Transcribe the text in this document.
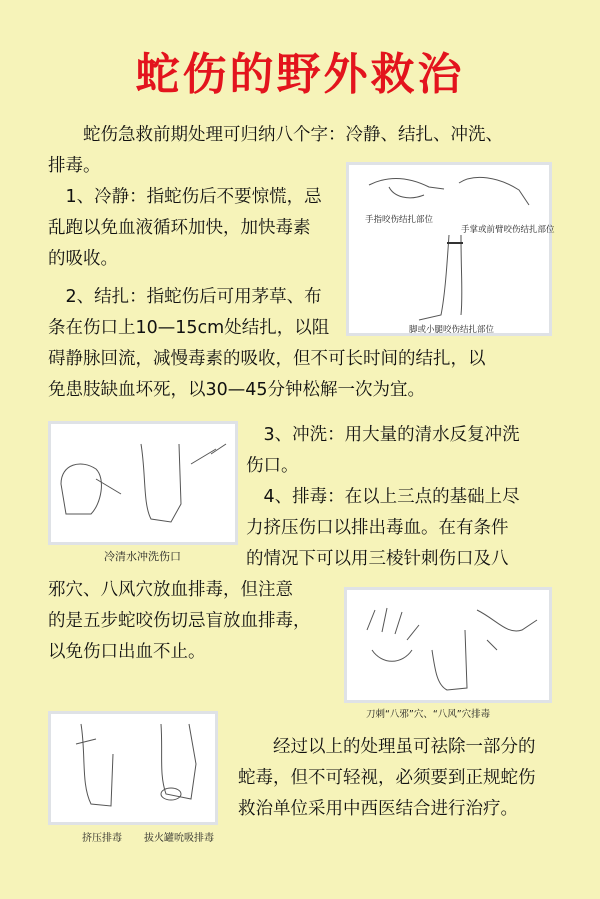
蛇伤的野外救治

　　蛇伤急救前期处理可归纳八个字：冷静、结扎、冲洗、

排毒。

　1、冷静：指蛇伤后不要惊慌，忌

乱跑以免血液循环加快，加快毒素

的吸收。

　2、结扎：指蛇伤后可用茅草、布

条在伤口上10—15cm处结扎，以阻

碍静脉回流，减慢毒素的吸收，但不可长时间的结扎，以

免患肢缺血坏死，以30—45分钟松解一次为宜。

手指咬伤结扎部位
手掌或前臂咬伤结扎部位
脚或小腿咬伤结扎部位
冷清水冲洗伤口

　3、冲洗：用大量的清水反复冲洗

伤口。

　4、排毒：在以上三点的基础上尽

力挤压伤口以排出毒血。在有条件

的情况下可以用三棱针刺伤口及八

邪穴、八风穴放血排毒，但注意

的是五步蛇咬伤切忌盲放血排毒，

以免伤口出血不止。

刀刺“八邪”穴、“八风”穴排毒
挤压排毒 拔火罐吮吸排毒

　　经过以上的处理虽可祛除一部分的

蛇毒，但不可轻视，必须要到正规蛇伤

救治单位采用中西医结合进行治疗。
